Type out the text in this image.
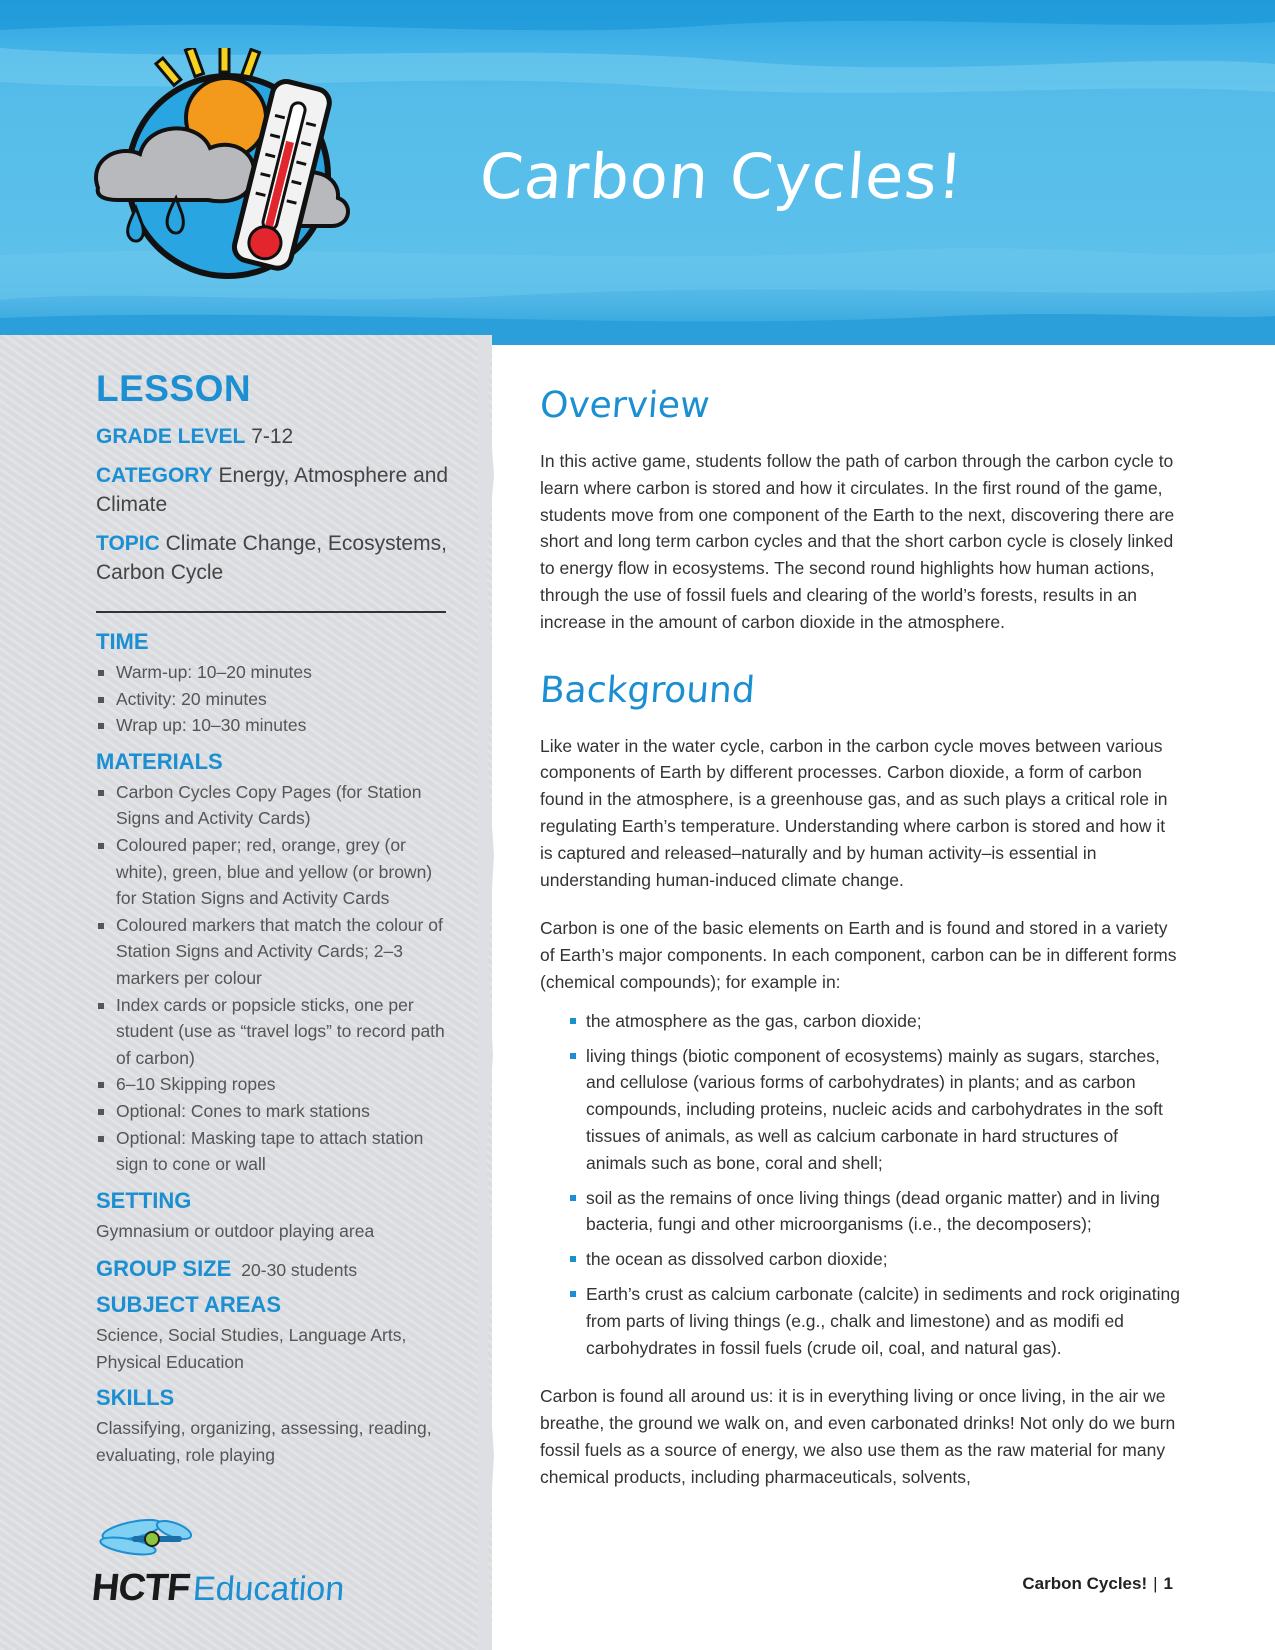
Carbon Cycles!
LESSON

GRADE LEVEL 7-12

CATEGORY Energy, Atmosphere and Climate

TOPIC Climate Change, Ecosystems, Carbon Cycle

TIME
Warm-up: 10–20 minutes
Activity: 20 minutes
Wrap up: 10–30 minutes
MATERIALS
Carbon Cycles Copy Pages (for Station Signs and Activity Cards)
Coloured paper; red, orange, grey (or white), green, blue and yellow (or brown) for Station Signs and Activity Cards
Coloured markers that match the colour of Station Signs and Activity Cards; 2–3 markers per colour
Index cards or popsicle sticks, one per student (use as “travel logs” to record path of carbon)
6–10 Skipping ropes
Optional: Cones to mark stations
Optional: Masking tape to attach station sign to cone or wall
SETTING

Gymnasium or outdoor playing area

GROUP SIZE 20-30 students
SUBJECT AREAS

Science, Social Studies, Language Arts, Physical Education

SKILLS

Classifying, organizing, assessing, reading, evaluating, role playing

HCTF Education
Overview

In this active game, students follow the path of carbon through the carbon cycle to learn where carbon is stored and how it circulates. In the first round of the game, students move from one component of the Earth to the next, discovering there are short and long term carbon cycles and that the short carbon cycle is closely linked to energy flow in ecosystems. The second round highlights how human actions, through the use of fossil fuels and clearing of the world’s forests, results in an increase in the amount of carbon dioxide in the atmosphere.

Background

Like water in the water cycle, carbon in the carbon cycle moves between various components of Earth by different processes. Carbon dioxide, a form of carbon found in the atmosphere, is a greenhouse gas, and as such plays a critical role in regulating Earth’s temperature. Understanding where carbon is stored and how it is captured and released–naturally and by human activity–is essential in understanding human-induced climate change.

Carbon is one of the basic elements on Earth and is found and stored in a variety of Earth’s major components. In each component, carbon can be in different forms (chemical compounds); for example in:

the atmosphere as the gas, carbon dioxide;
living things (biotic component of ecosystems) mainly as sugars, starches, and cellulose (various forms of carbohydrates) in plants; and as carbon compounds, including proteins, nucleic acids and carbohydrates in the soft tissues of animals, as well as calcium carbonate in hard structures of animals such as bone, coral and shell;
soil as the remains of once living things (dead organic matter) and in living bacteria, fungi and other microorganisms (i.e., the decomposers);
the ocean as dissolved carbon dioxide;
Earth’s crust as calcium carbonate (calcite) in sediments and rock originating from parts of living things (e.g., chalk and limestone) and as modifi ed carbohydrates in fossil fuels (crude oil, coal, and natural gas).

Carbon is found all around us: it is in everything living or once living, in the air we breathe, the ground we walk on, and even carbonated drinks! Not only do we burn fossil fuels as a source of energy, we also use them as the raw material for many chemical products, including pharmaceuticals, solvents,

Carbon Cycles! | 1
